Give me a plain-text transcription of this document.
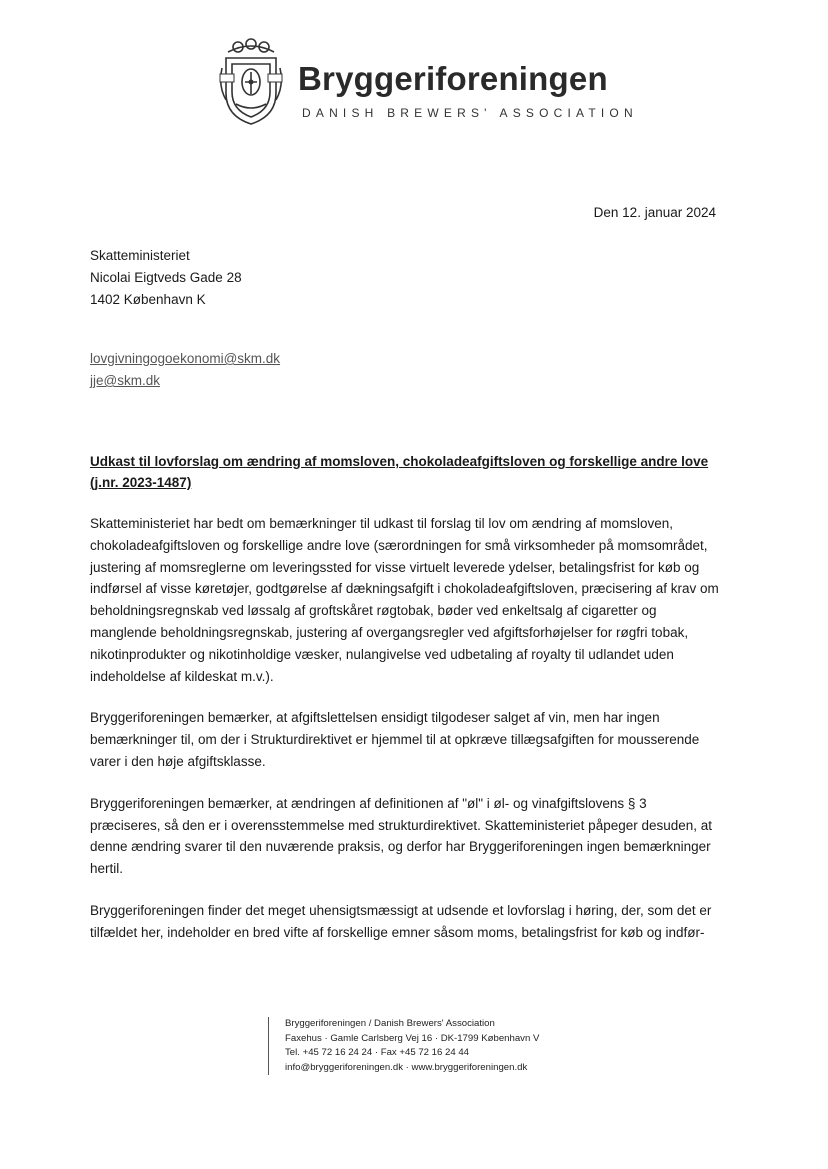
Bryggeriforeningen
DANISH BREWERS' ASSOCIATION
Den 12. januar 2024
Skatteministeriet
Nicolai Eigtveds Gade 28
1402 København K
lovgivningogoekonomi@skm.dk
jje@skm.dk
Udkast til lovforslag om ændring af momsloven, chokoladeafgiftsloven og forskellige andre love
(j.nr. 2023-1487)

Skatteministeriet har bedt om bemærkninger til udkast til forslag til lov om ændring af momsloven, chokoladeafgiftsloven og forskellige andre love (særordningen for små virksomheder på momsområdet, justering af momsreglerne om leveringssted for visse virtuelt leverede ydelser, betalingsfrist for køb og indførsel af visse køretøjer, godtgørelse af dækningsafgift i chokoladeafgiftsloven, præcisering af krav om beholdningsregnskab ved løssalg af groftskåret røgtobak, bøder ved enkeltsalg af cigaretter og manglende beholdningsregnskab, justering af overgangsregler ved afgiftsforhøjelser for røgfri tobak, nikotinprodukter og nikotinholdige væsker, nulangivelse ved udbetaling af royalty til udlandet uden indeholdelse af kildeskat m.v.).

Bryggeriforeningen bemærker, at afgiftslettelsen ensidigt tilgodeser salget af vin, men har ingen bemærkninger til, om der i Strukturdirektivet er hjemmel til at opkræve tillægsafgiften for mousserende varer i den høje afgiftsklasse.

Bryggeriforeningen bemærker, at ændringen af definitionen af "øl" i øl- og vinafgiftslovens § 3 præciseres, så den er i overensstemmelse med strukturdirektivet. Skatteministeriet påpeger desuden, at denne ændring svarer til den nuværende praksis, og derfor har Bryggeriforeningen ingen bemærkninger hertil.

Bryggeriforeningen finder det meget uhensigtsmæssigt at udsende et lovforslag i høring, der, som det er tilfældet her, indeholder en bred vifte af forskellige emner såsom moms, betalingsfrist for køb og indfør-

Bryggeriforeningen / Danish Brewers' Association
Faxehus · Gamle Carlsberg Vej 16 · DK-1799 København V
Tel. +45 72 16 24 24 · Fax +45 72 16 24 44
info@bryggeriforeningen.dk · www.bryggeriforeningen.dk
